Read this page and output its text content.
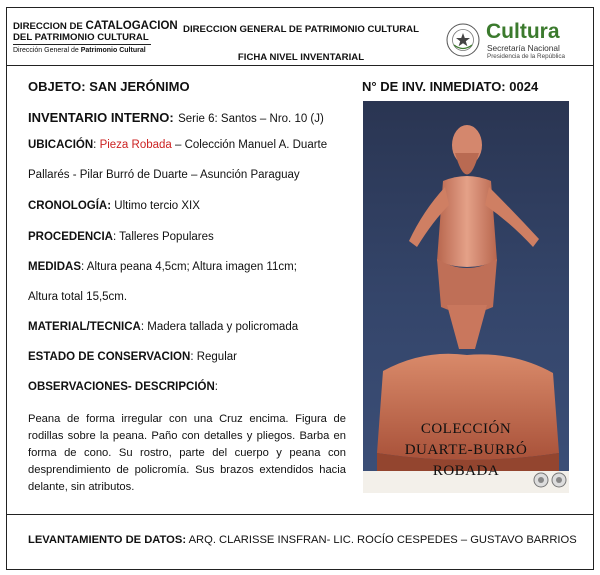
DIRECCION DE CATALOGACION
DEL PATRIMONIO CULTURAL
Dirección General de Patrimonio Cultural
DIRECCION GENERAL DE PATRIMONIO CULTURAL
FICHA NIVEL INVENTARIAL
Cultura
Secretaría Nacional
Presidencia de la República
OBJETO: SAN JERÓNIMO	N° DE INV. INMEDIATO: 0024
INVENTARIO INTERNO: Serie 6: Santos – Nro. 10 (J)
UBICACIÓN: Pieza Robada – Colección Manuel A. Duarte
Pallarés - Pilar Burró de Duarte – Asunción Paraguay
CRONOLOGÍA: Ultimo tercio XIX
PROCEDENCIA: Talleres Populares
MEDIDAS: Altura peana 4,5cm; Altura imagen 11cm;
Altura total 15,5cm.
MATERIAL/TECNICA: Madera tallada y policromada
ESTADO DE CONSERVACION: Regular
OBSERVACIONES- DESCRIPCIÓN:
Peana de forma irregular con una Cruz encima. Figura de rodillas sobre la peana. Paño con detalles y pliegos. Barba en forma de cono. Su rostro, parte del cuerpo y peana con desprendimiento de policromía. Sus brazos extendidos hacia delante, sin atributos.
COLECCIÓN
DUARTE-BURRÓ
ROBADA
LEVANTAMIENTO DE DATOS: ARQ. CLARISSE INSFRAN- LIC. ROCÍO CESPEDES – GUSTAVO BARRIOS
